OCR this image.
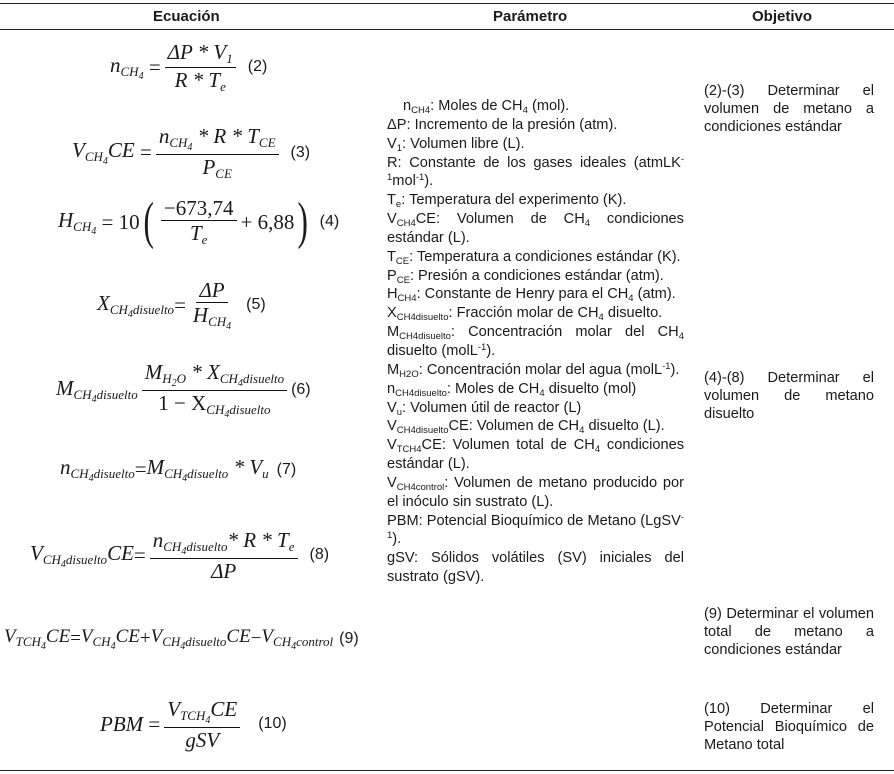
Ecuación	Parámetro	Objetivo
$n_{CH_4} = \frac{\Delta P * V_1}{R * T_e} (2)$
$V_{CH_4}CE = \frac{n_{CH_4} * R * T_{CE}}{P_{CE}} (3)$
$H_{CH_4} = 10$ ( $\frac{-673,74}{T_e} + 6,88$ ) (4)
$X_{CH_4disuelto} = \frac{\Delta P}{H_{CH_4}} (5)$
$M_{CH_4disuelto} \frac{M_{H_2O} * X_{CH_4disuelto}}{1 - X_{CH_4disuelto}} (6)$
$n_{CH_4disuelto} = M_{CH_4disuelto} * V_u$ (7)
$V_{CH_4disuelto}CE = \frac{n_{CH_4disuelto}* R * T_e}{\Delta P} (8)$
$V_{TCH_4}CE = V_{CH_4}CE + V_{CH_4disuelto}CE - V_{CH_4control}$ (9)
PBM = $\frac{V_{TCH_4}CE}{\text{gSV}} (10)$
$n_{CH4}$: Moles de $CH_4$ (mol).
ΔP: Incremento de la presión (atm).
$V_1$: Volumen libre (L).
R: Constante de los gases ideales (atmLK$^{-1}$mol$^{-1}$).
$T_e$: Temperatura del experimento (K).
$V_{CH4}CE$: Volumen de $CH_4$ condiciones estándar (L).
$T_{CE}$: Temperatura a condiciones estándar (K).
$P_{CE}$: Presión a condiciones estándar (atm).
$H_{CH4}$: Constante de Henry para el $CH_4$ (atm).
$X_{CH4disuelto}$: Fracción molar de $CH_4$ disuelto.
$M_{CH4disuelto}$: Concentración molar del $CH_4$ disuelto (molL$^{-1}$).
$M_{H2O}$: Concentración molar del agua (molL$^{-1}$).
$n_{CH4disuelto}$: Moles de $CH_4$ disuelto (mol)
$V_u$: Volumen útil de reactor (L)
$V_{CH4disuelto}CE$: Volumen de $CH_4$ disuelto (L).
$V_{TCH4}CE$: Volumen total de $CH_4$ condiciones estándar (L).
$V_{CH4control}$: Volumen de metano producido por el inóculo sin sustrato (L).
PBM: Potencial Bioquímico de Metano (LgSV$^{-1}$).
gSV: Sólidos volátiles (SV) iniciales del sustrato (gSV).
(2)-(3) Determinar el volumen de metano a condiciones estándar
(4)-(8) Determinar el volumen de metano disuelto
(9) Determinar el volumen total de metano a condiciones estándar
(10) Determinar el Potencial Bioquímico de Metano total
